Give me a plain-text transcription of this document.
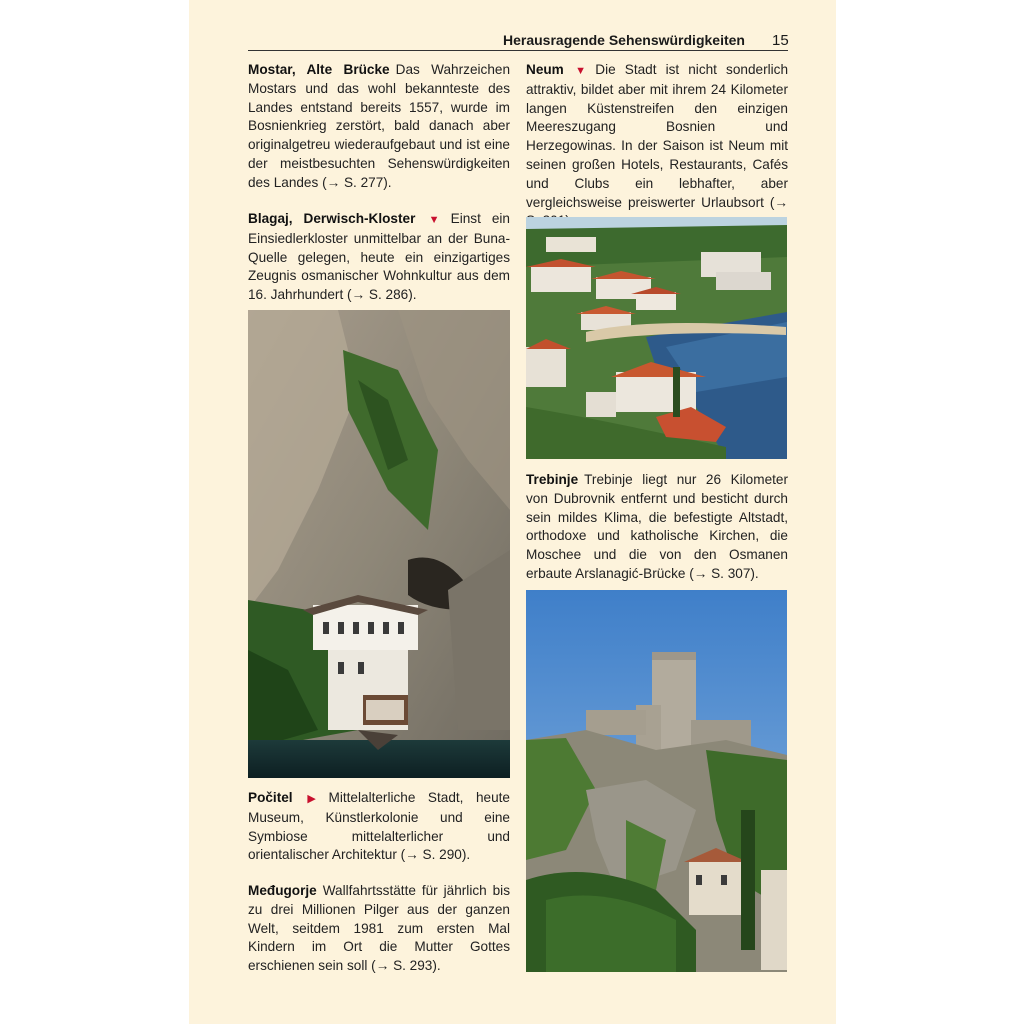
Herausragende Sehenswürdigkeiten	15
Mostar, Alte Brücke Das Wahrzeichen Mostars und das wohl bekannteste des Landes entstand bereits 1557, wurde im Bosnienkrieg zerstört, bald danach aber originalgetreu wiederaufgebaut und ist eine der meistbesuchten Sehenswürdigkeiten des Landes (→ S. 277).
Blagaj, Derwisch-Kloster ▼ Einst ein Einsiedlerkloster unmittelbar an der Buna-Quelle gelegen, heute ein einzigartiges Zeugnis osmanischer Wohnkultur aus dem 16. Jahrhundert (→ S. 286).
Počitel ▶ Mittelalterliche Stadt, heute Museum, Künstlerkolonie und eine Symbiose mittelalterlicher und orientalischer Architektur (→ S. 290).
Međugorje Wallfahrtsstätte für jährlich bis zu drei Millionen Pilger aus der ganzen Welt, seitdem 1981 zum ersten Mal Kindern im Ort die Mutter Gottes erschienen sein soll (→ S. 293).
Neum ▼ Die Stadt ist nicht sonderlich attraktiv, bildet aber mit ihrem 24 Kilometer langen Küstenstreifen den einzigen Meereszugang Bosnien und Herzegowinas. In der Saison ist Neum mit seinen großen Hotels, Restaurants, Cafés und Clubs ein lebhafter, aber vergleichsweise preiswerter Urlaubsort (→
Trebinje Trebinje liegt nur 26 Kilometer von Dubrovnik entfernt und besticht durch sein mildes Klima, die befestigte Altstadt, orthodoxe und katholische Kirchen, die Moschee und die von den Osmanen erbaute Arslanagić-Brücke (→ S. 307).
